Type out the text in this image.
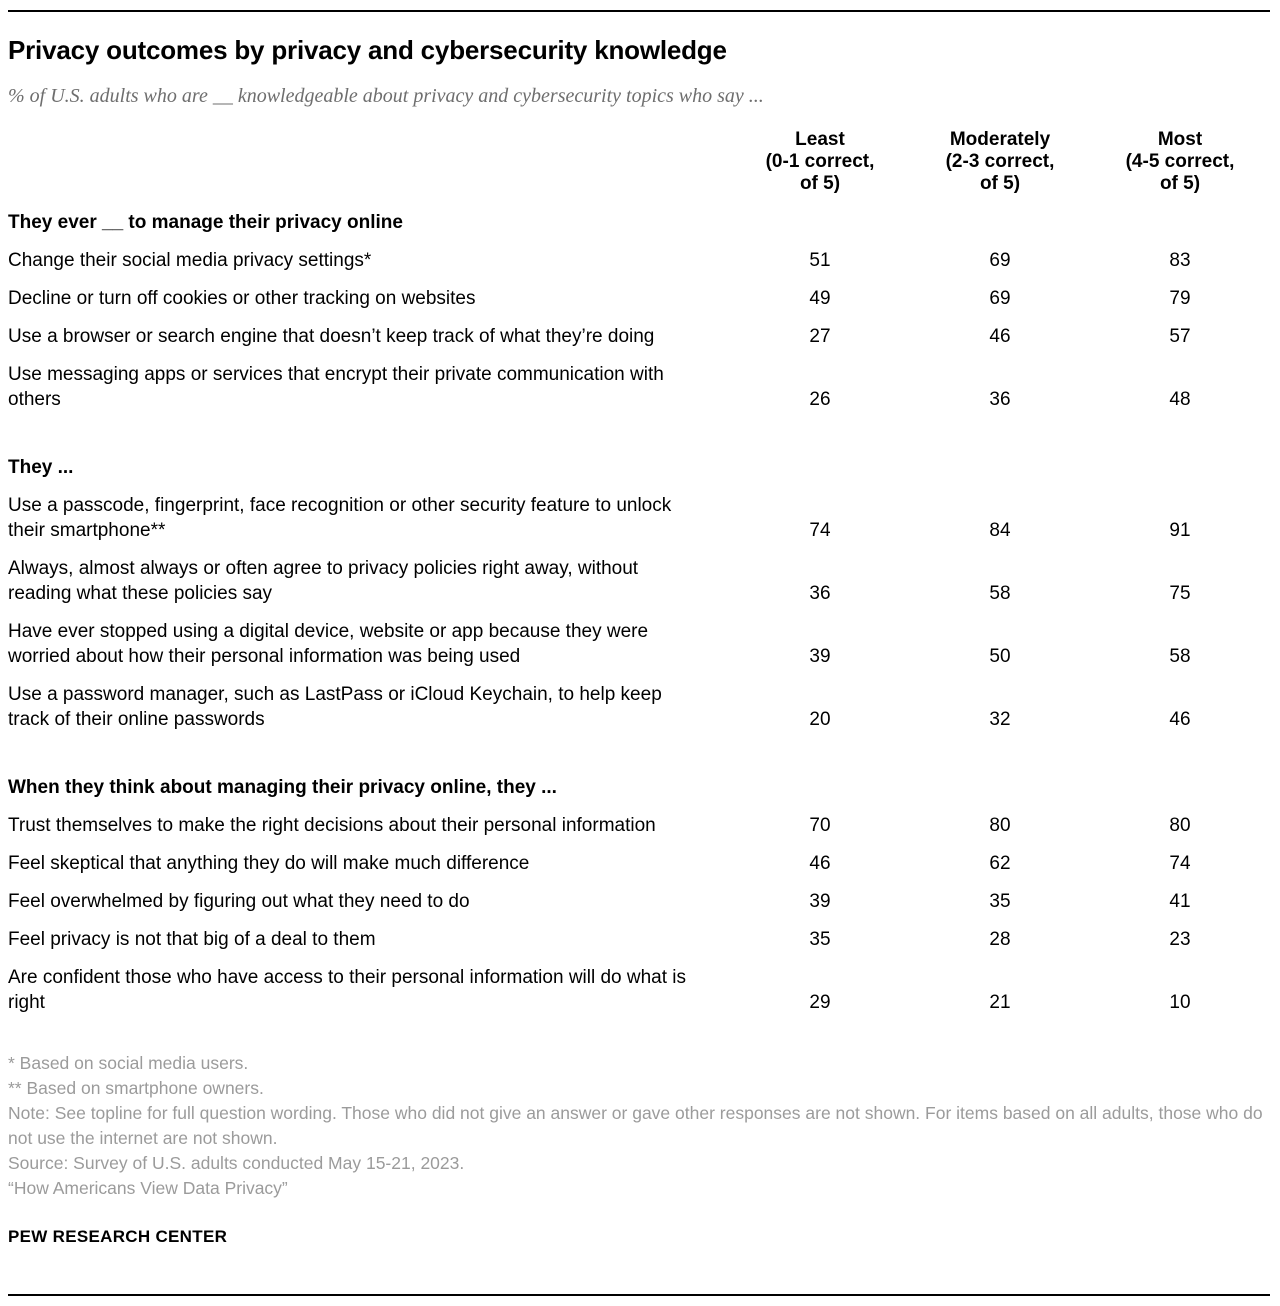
Privacy outcomes by privacy and cybersecurity knowledge
% of U.S. adults who are __ knowledgeable about privacy and cybersecurity topics who say ...

Least
(0-1 correct,
of 5)

Moderately
(2-3 correct,
of 5)

Most
(4-5 correct,
of 5)

They ever __ to manage their privacy online			
Change their social media privacy settings*	51	69	83
Decline or turn off cookies or other tracking on websites	49	69	79
Use a browser or search engine that doesn’t keep track of what they’re doing	27	46	57
Use messaging apps or services that encrypt their private communication with others	26	36	48
They ...			
Use a passcode, fingerprint, face recognition or other security feature to unlock their smartphone**	74	84	91
Always, almost always or often agree to privacy policies right away, without reading what these policies say	36	58	75
Have ever stopped using a digital device, website or app because they were worried about how their personal information was being used	39	50	58
Use a password manager, such as LastPass or iCloud Keychain, to help keep track of their online passwords	20	32	46
When they think about managing their privacy online, they ...			
Trust themselves to make the right decisions about their personal information	70	80	80
Feel skeptical that anything they do will make much difference	46	62	74
Feel overwhelmed by figuring out what they need to do	39	35	41
Feel privacy is not that big of a deal to them	35	28	23
Are confident those who have access to their personal information will do what is right	29	21	10

* Based on social media users.

** Based on smartphone owners.

Note: See topline for full question wording. Those who did not give an answer or gave other responses are not shown. For items based on all adults, those who do not use the internet are not shown.

Source: Survey of U.S. adults conducted May 15-21, 2023.

“How Americans View Data Privacy”

PEW RESEARCH CENTER
